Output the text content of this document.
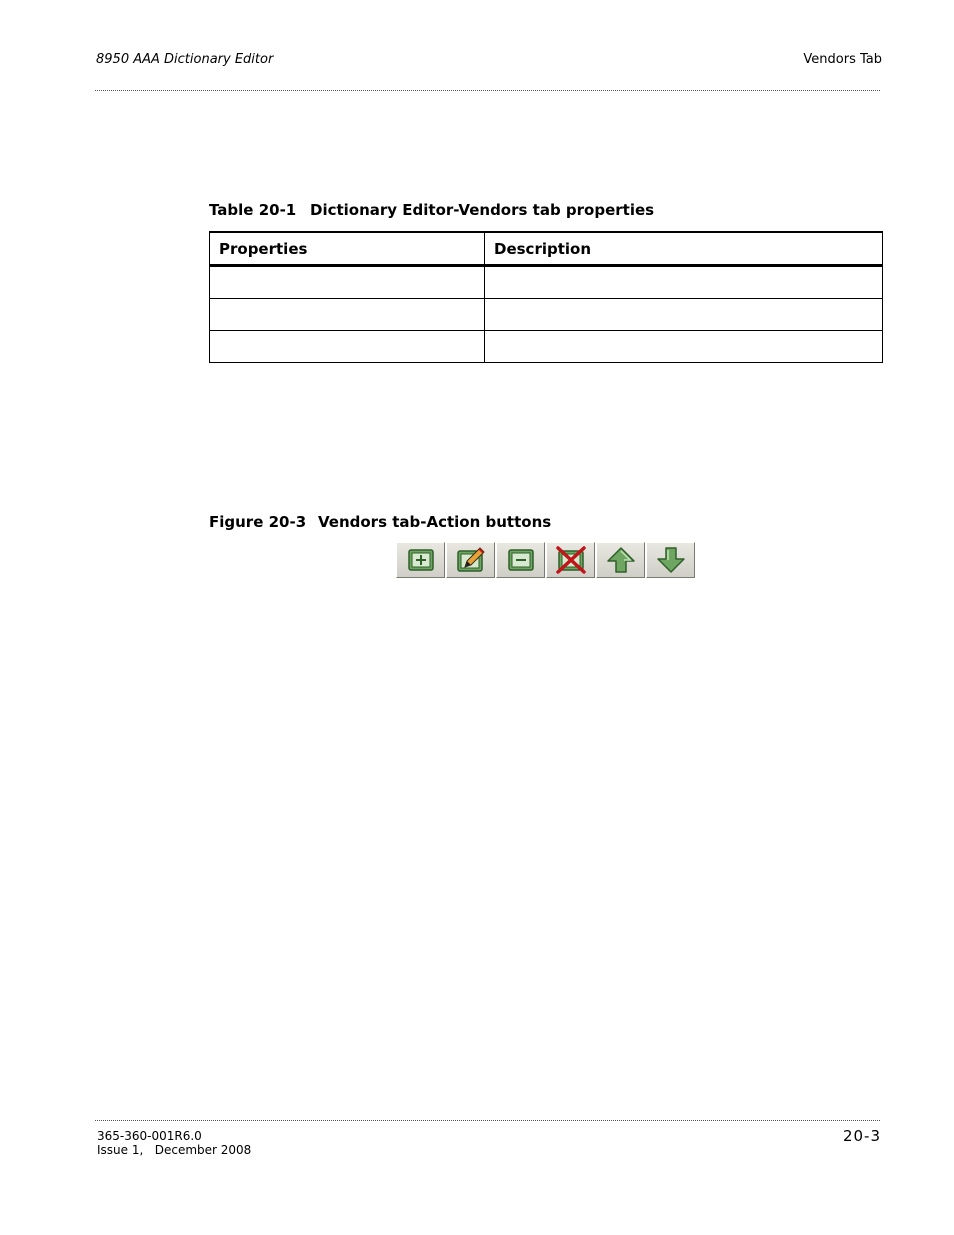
8950 AAA Dictionary Editor	Vendors Tab
Table 20-1 Dictionary Editor-Vendors tab properties
Properties	Description

Figure 20-3 Vendors tab-Action buttons
365-360-001R6.0
Issue 1,   December 2008
20-3
